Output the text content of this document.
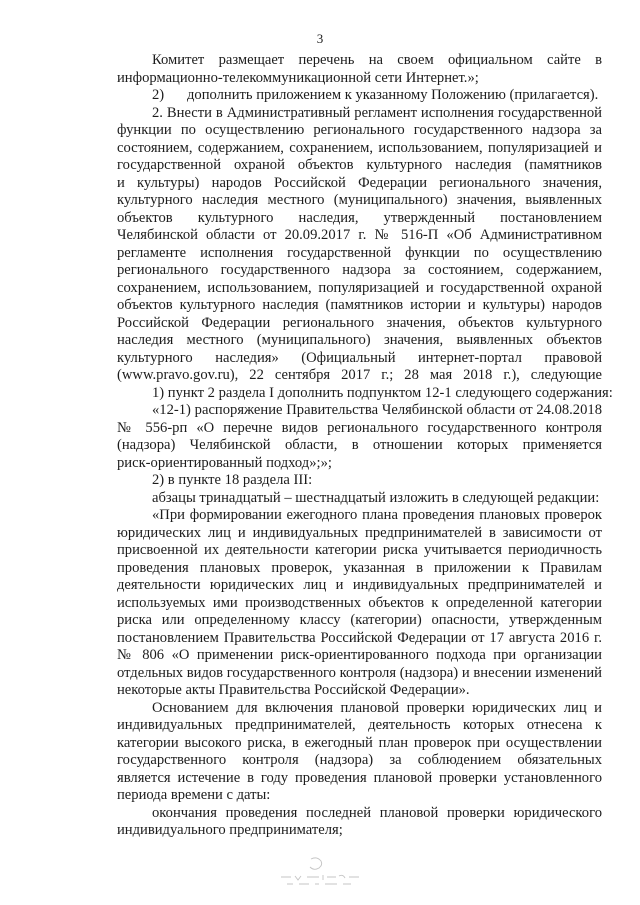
3
Комитет размещает перечень на своем официальном сайте в
информационно-телекоммуникационной сети Интернет.»;
2) дополнить приложением к указанному Положению (прилагается).
2. Внести в Административный регламент исполнения государственной
функции по осуществлению регионального государственного надзора за
состоянием, содержанием, сохранением, использованием, популяризацией и
государственной охраной объектов культурного наследия (памятников
и культуры) народов Российской Федерации регионального значения,
культурного наследия местного (муниципального) значения, выявленных
объектов культурного наследия, утвержденный постановлением
Челябинской области от 20.09.2017 г. № 516-П «Об Административном
регламенте исполнения государственной функции по осуществлению
регионального государственного надзора за состоянием, содержанием,
сохранением, использованием, популяризацией и государственной охраной
объектов культурного наследия (памятников истории и культуры) народов
Российской Федерации регионального значения, объектов культурного
наследия местного (муниципального) значения, выявленных объектов
культурного наследия» (Официальный интернет-портал правовой
(www.pravo.gov.ru), 22 сентября 2017 г.; 28 мая 2018 г.), следующие
1) пункт 2 раздела I дополнить подпунктом 12-1 следующего содержания:
«12-1) распоряжение Правительства Челябинской области от 24.08.2018
№ 556-рп «О перечне видов регионального государственного контроля
(надзора) Челябинской области, в отношении которых применяется
риск-ориентированный подход»;»;
2) в пункте 18 раздела III:
абзацы тринадцатый – шестнадцатый изложить в следующей редакции:
«При формировании ежегодного плана проведения плановых проверок
юридических лиц и индивидуальных предпринимателей в зависимости от
присвоенной их деятельности категории риска учитывается периодичность
проведения плановых проверок, указанная в приложении к Правилам
деятельности юридических лиц и индивидуальных предпринимателей и
используемых ими производственных объектов к определенной категории
риска или определенному классу (категории) опасности, утвержденным
постановлением Правительства Российской Федерации от 17 августа 2016 г.
№ 806 «О применении риск-ориентированного подхода при организации
отдельных видов государственного контроля (надзора) и внесении изменений
некоторые акты Правительства Российской Федерации».
Основанием для включения плановой проверки юридических лиц и
индивидуальных предпринимателей, деятельность которых отнесена к
категории высокого риска, в ежегодный план проверок при осуществлении
государственного контроля (надзора) за соблюдением обязательных
является истечение в году проведения плановой проверки установленного
периода времени с даты:
окончания проведения последней плановой проверки юридического
индивидуального предпринимателя;
